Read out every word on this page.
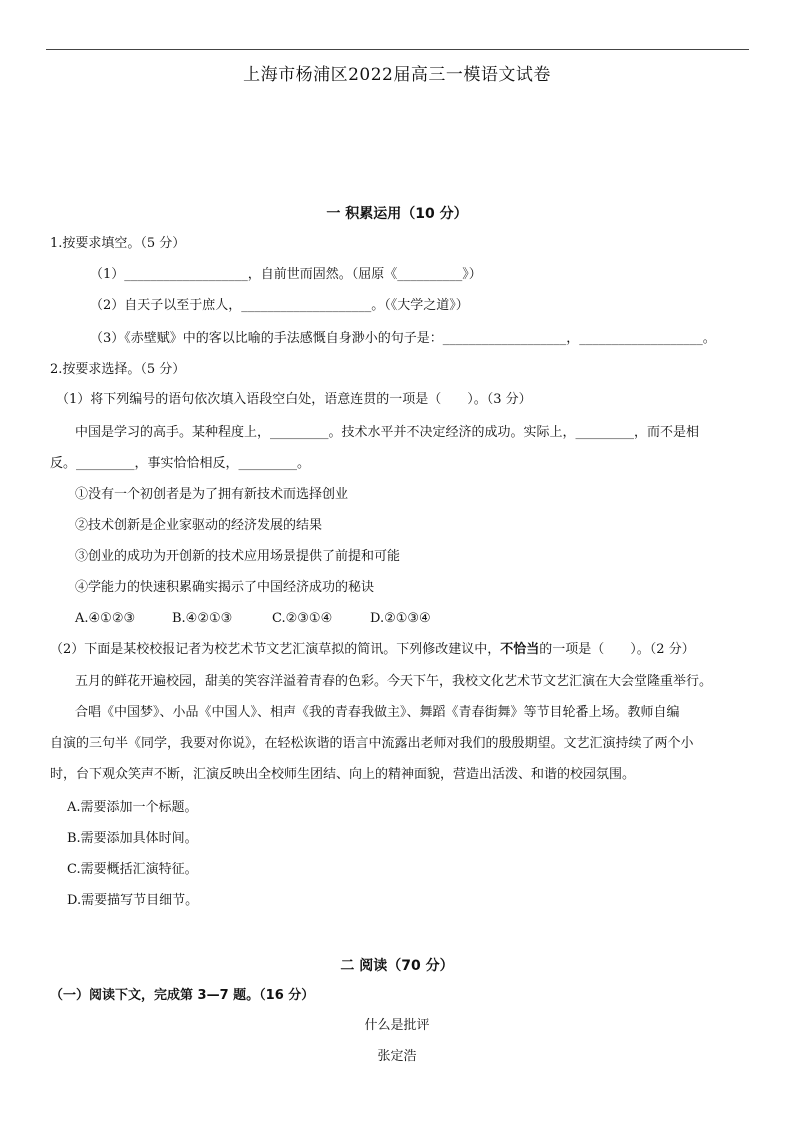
上海市杨浦区2022届高三一模语文试卷
一 积累运用（10 分）
1.按要求填空。（5 分）
（1）___________________，自前世而固然。（屈原《__________》）
（2）自天子以至于庶人，____________________。（《大学之道》）
（3）《赤壁赋》中的客以比喻的手法感慨自身渺小的句子是：___________________，___________________。
2.按要求选择。（5 分）
（1）将下列编号的语句依次填入语段空白处，语意连贯的一项是（　　）。（3 分）
中国是学习的高手。某种程度上，_________。技术水平并不决定经济的成功。实际上，_________，而不是相
反。_________，事实恰恰相反，_________。
①没有一个初创者是为了拥有新技术而选择创业
②技术创新是企业家驱动的经济发展的结果
③创业的成功为开创新的技术应用场景提供了前提和可能
④学能力的快速积累确实揭示了中国经济成功的秘诀
A.④①②③	B.④②①③	C.②③①④	D.②①③④
（2）下面是某校校报记者为校艺术节文艺汇演草拟的简讯。下列修改建议中，不恰当的一项是（　　）。（2 分）
五月的鲜花开遍校园，甜美的笑容洋溢着青春的色彩。今天下午，我校文化艺术节文艺汇演在大会堂隆重举行。
合唱《中国梦》、小品《中国人》、相声《我的青春我做主》、舞蹈《青春街舞》等节目轮番上场。教师自编
自演的三句半《同学，我要对你说》，在轻松诙谐的语言中流露出老师对我们的殷殷期望。文艺汇演持续了两个小
时，台下观众笑声不断，汇演反映出全校师生团结、向上的精神面貌，营造出活泼、和谐的校园氛围。
A.需要添加一个标题。
B.需要添加具体时间。
C.需要概括汇演特征。
D.需要描写节目细节。
二 阅读（70 分）
（一）阅读下文，完成第 3—7 题。（16 分）
什么是批评
张定浩
